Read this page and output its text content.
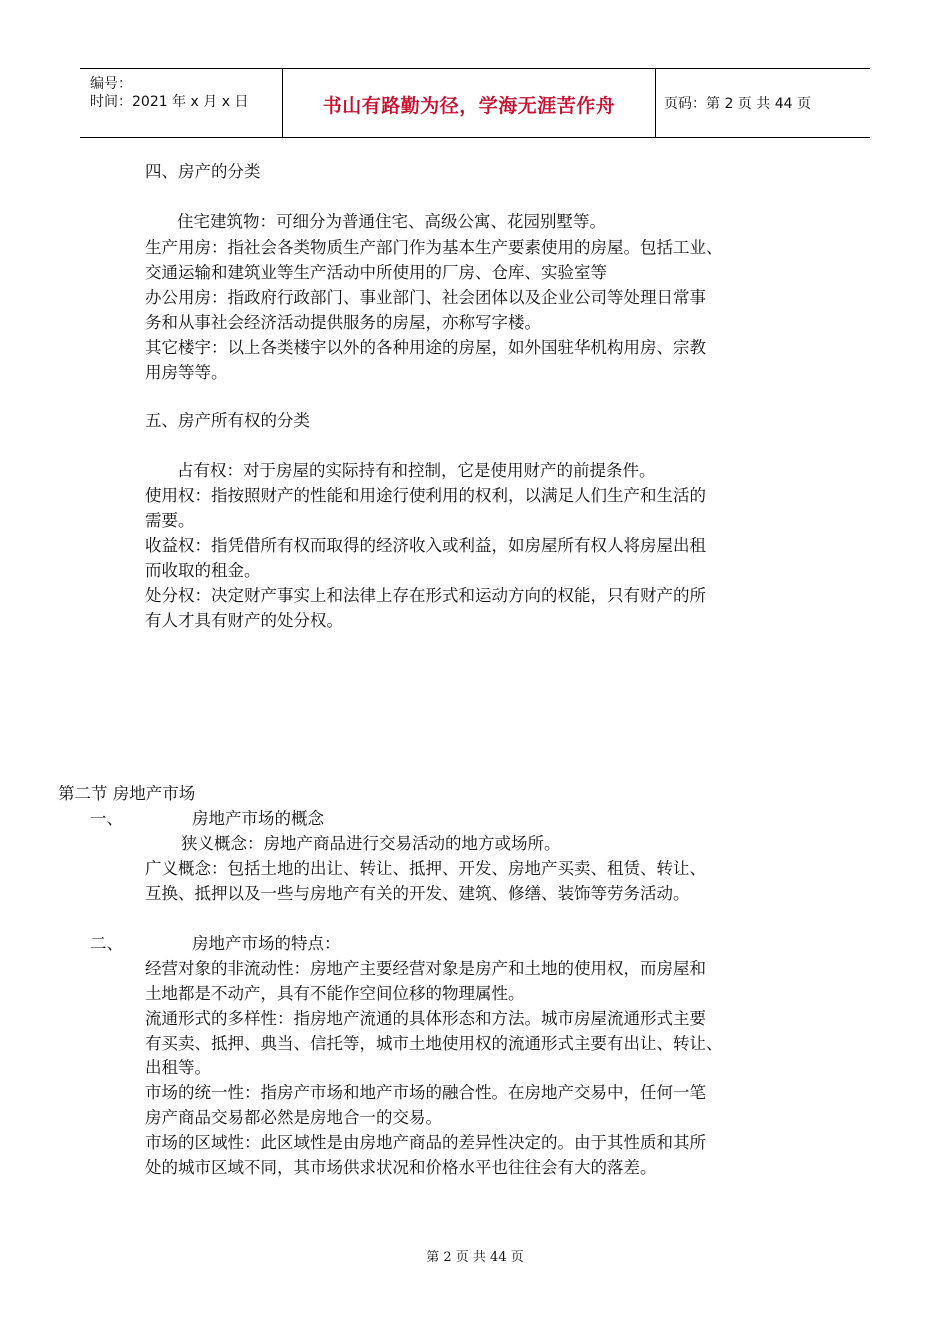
编号：
时间：2021 年 x 月 x 日	书山有路勤为径，学海无涯苦作舟	页码：第 2 页 共 44 页
四、房产的分类
住宅建筑物：可细分为普通住宅、高级公寓、花园别墅等。
生产用房：指社会各类物质生产部门作为基本生产要素使用的房屋。包括工业、
交通运输和建筑业等生产活动中所使用的厂房、仓库、实验室等
办公用房：指政府行政部门、事业部门、社会团体以及企业公司等处理日常事
务和从事社会经济活动提供服务的房屋，亦称写字楼。
其它楼宇：以上各类楼宇以外的各种用途的房屋，如外国驻华机构用房、宗教
用房等等。
五、房产所有权的分类
占有权：对于房屋的实际持有和控制，它是使用财产的前提条件。
使用权：指按照财产的性能和用途行使利用的权利，以满足人们生产和生活的
需要。
收益权：指凭借所有权而取得的经济收入或利益，如房屋所有权人将房屋出租
而收取的租金。
处分权：决定财产事实上和法律上存在形式和运动方向的权能，只有财产的所
有人才具有财产的处分权。
第二节 房地产市场
一、	房地产市场的概念
狭义概念：房地产商品进行交易活动的地方或场所。
广义概念：包括土地的出让、转让、抵押、开发、房地产买卖、租赁、转让、
互换、抵押以及一些与房地产有关的开发、建筑、修缮、装饰等劳务活动。
二、	房地产市场的特点：
经营对象的非流动性：房地产主要经营对象是房产和土地的使用权，而房屋和
土地都是不动产，具有不能作空间位移的物理属性。
流通形式的多样性：指房地产流通的具体形态和方法。城市房屋流通形式主要
有买卖、抵押、典当、信托等，城市土地使用权的流通形式主要有出让、转让、
出租等。
市场的统一性：指房产市场和地产市场的融合性。在房地产交易中，任何一笔
房产商品交易都必然是房地合一的交易。
市场的区域性：此区域性是由房地产商品的差异性决定的。由于其性质和其所
处的城市区域不同，其市场供求状况和价格水平也往往会有大的落差。
第 2 页 共 44 页
